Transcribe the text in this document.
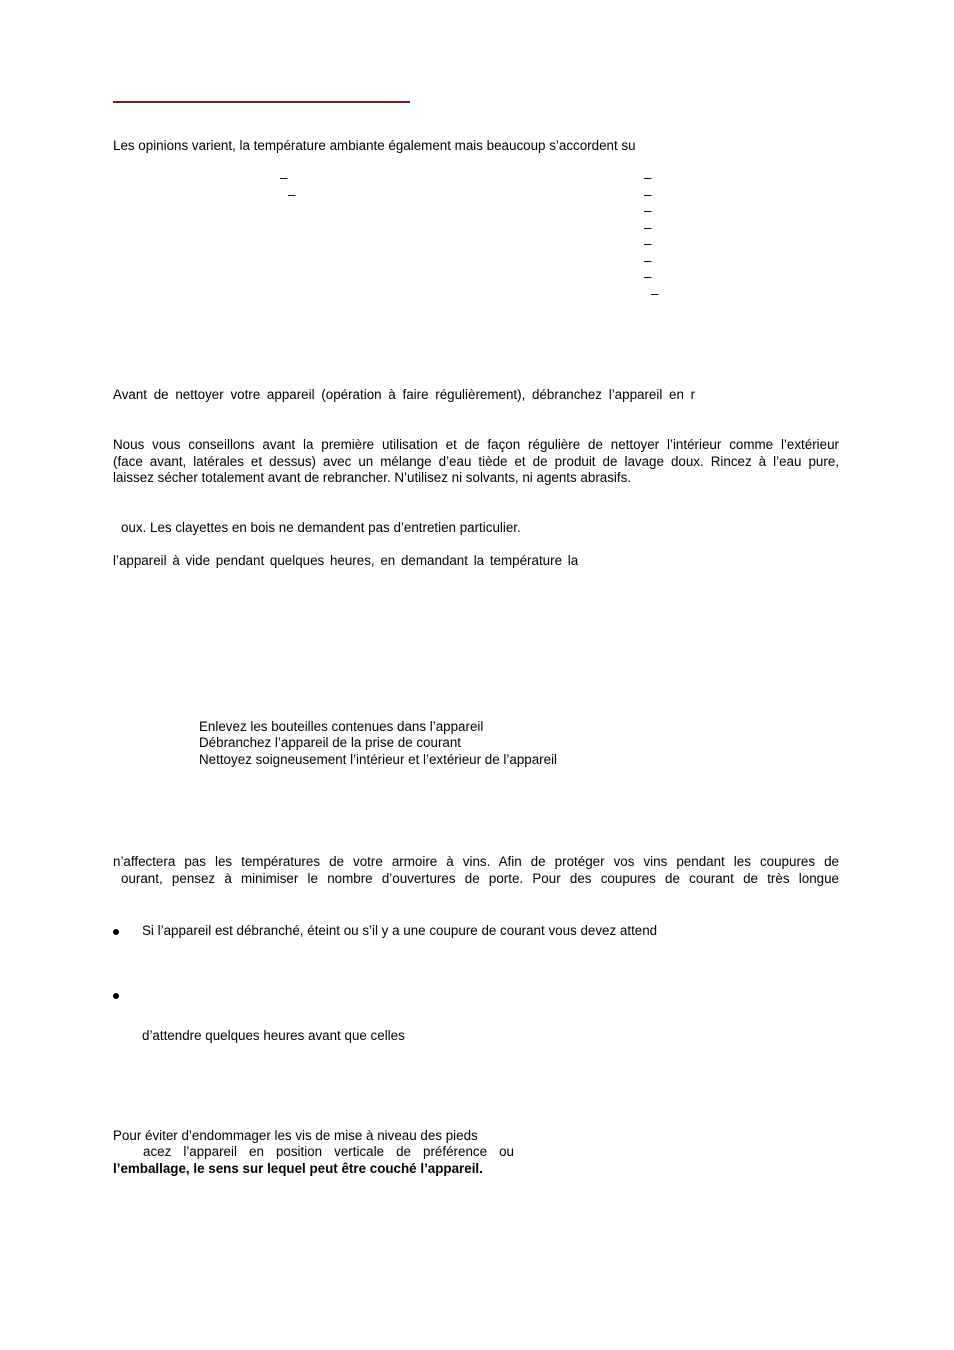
Les opinions varient, la température ambiante également mais beaucoup s’accordent su
–
–
–
–
–
–
–
–
–
–
Avant de nettoyer votre appareil (opération à faire régulièrement), débranchez l’appareil en r
Nous vous conseillons avant la première utilisation et de façon régulière de nettoyer l’intérieur comme l’extérieur
(face avant, latérales et dessus) avec un mélange d’eau tiède et de produit de lavage doux. Rincez à l’eau pure,
laissez sécher totalement avant de rebrancher. N’utilisez ni solvants, ni agents abrasifs.
oux. Les clayettes en bois ne demandent pas d’entretien particulier.
l’appareil à vide pendant quelques heures, en demandant la température la
Enlevez les bouteilles contenues dans l’appareil
Débranchez l’appareil de la prise de courant
Nettoyez soigneusement l’intérieur et l’extérieur de l’appareil
n’affectera pas les températures de votre armoire à vins. Afin de protéger vos vins pendant les coupures de
ourant, pensez à minimiser le nombre d’ouvertures de porte. Pour des coupures de courant de très longue
Si l’appareil est débranché, éteint ou s’il y a une coupure de courant vous devez attend
d’attendre quelques heures avant que celles
Pour éviter d’endommager les vis de mise à niveau des pieds
acez l’appareil en position verticale de préférence ou
l’emballage, le sens sur lequel peut être couché l’appareil.
